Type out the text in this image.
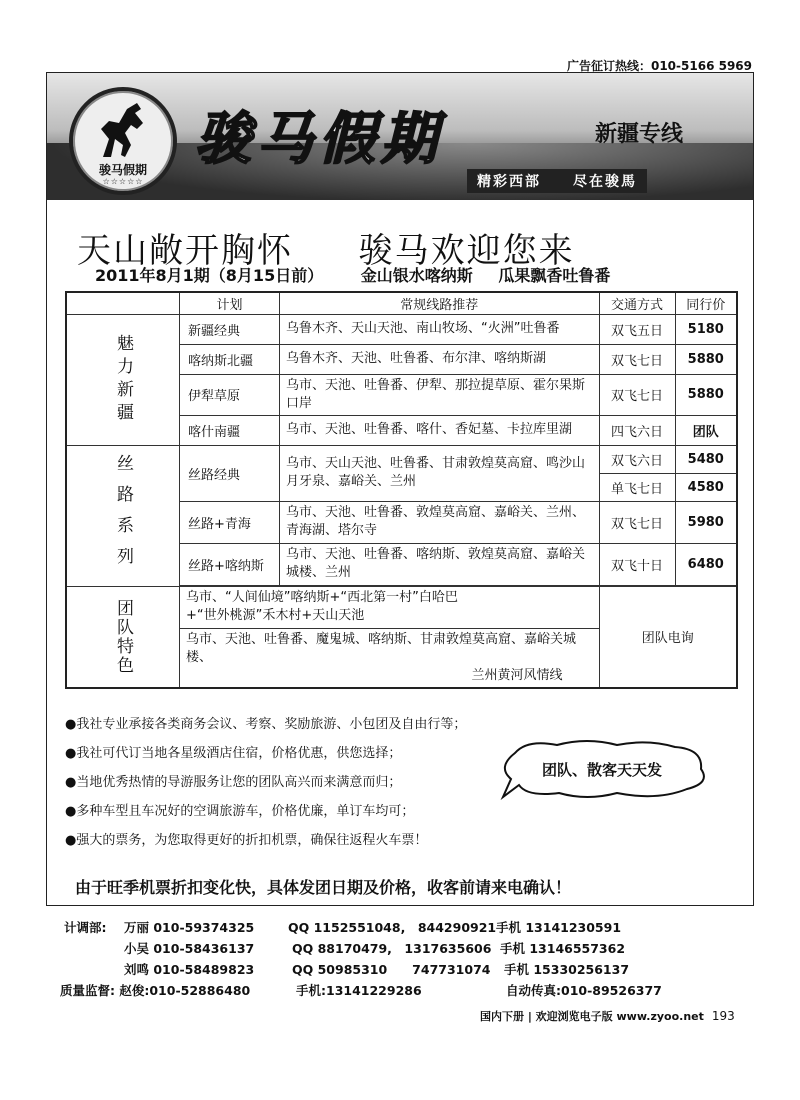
广告征订热线：010-5166 5969
骏马假期
☆☆☆☆☆
骏马假期	新疆专线
精彩西部　　尽在骏馬
天山敞开胸怀 骏马欢迎您来
2011年8月1期（8月15日前） 金山银水喀纳斯 瓜果飘香吐鲁番
	计划	常规线路推荐	交通方式	同行价
魅力新疆	新疆经典	乌鲁木齐、天山天池、南山牧场、“火洲”吐鲁番	双飞五日	5180
	喀纳斯北疆	乌鲁木齐、天池、吐鲁番、布尔津、喀纳斯湖	双飞七日	5880
	伊犁草原	乌市、天池、吐鲁番、伊犁、那拉提草原、霍尔果斯口岸	双飞七日	5880
	喀什南疆	乌市、天池、吐鲁番、喀什、香妃墓、卡拉库里湖	四飞六日	团队
丝路系列	丝路经典	乌市、天山天池、吐鲁番、甘肃敦煌莫高窟、鸣沙山月牙泉、嘉峪关、兰州	双飞六日	5480
			单飞七日	4580
	丝路+青海	乌市、天池、吐鲁番、敦煌莫高窟、嘉峪关、兰州、青海湖、塔尔寺	双飞七日	5980
	丝路+喀纳斯	乌市、天池、吐鲁番、喀纳斯、敦煌莫高窟、嘉峪关城楼、兰州	双飞十日	6480

团队特色	乌市、“人间仙境”喀纳斯+“西北第一村”白哈巴+“世外桃源”禾木村+天山天池		团队电询	

	乌市、天池、吐鲁番、魔鬼城、喀纳斯、甘肃敦煌莫高窟、嘉峪关城楼、
兰州黄河风情线			
●我社专业承接各类商务会议、考察、奖励旅游、小包团及自由行等；
●我社可代订当地各星级酒店住宿，价格优惠，供您选择；
●当地优秀热情的导游服务让您的团队高兴而来满意而归；
●多种车型且车况好的空调旅游车，价格优廉，单订车均可；
●强大的票务，为您取得更好的折扣机票，确保往返程火车票！
团队、散客天天发
由于旺季机票折扣变化快，具体发团日期及价格，收客前请来电确认！
计调部: 万丽 010-59374325	QQ 1152551048,　844290921 手机 13141230591
小吴 010-58436137	QQ 88170479,　1317635606 手机 13146557362
刘鸣 010-58489823	QQ 50985310　　747731074 手机 15330256137
质量监督: 赵俊:010-52886480	手机:13141229286	自动传真:010-89526377
国内下册 | 欢迎浏览电子版 www.zyoo.net 193
